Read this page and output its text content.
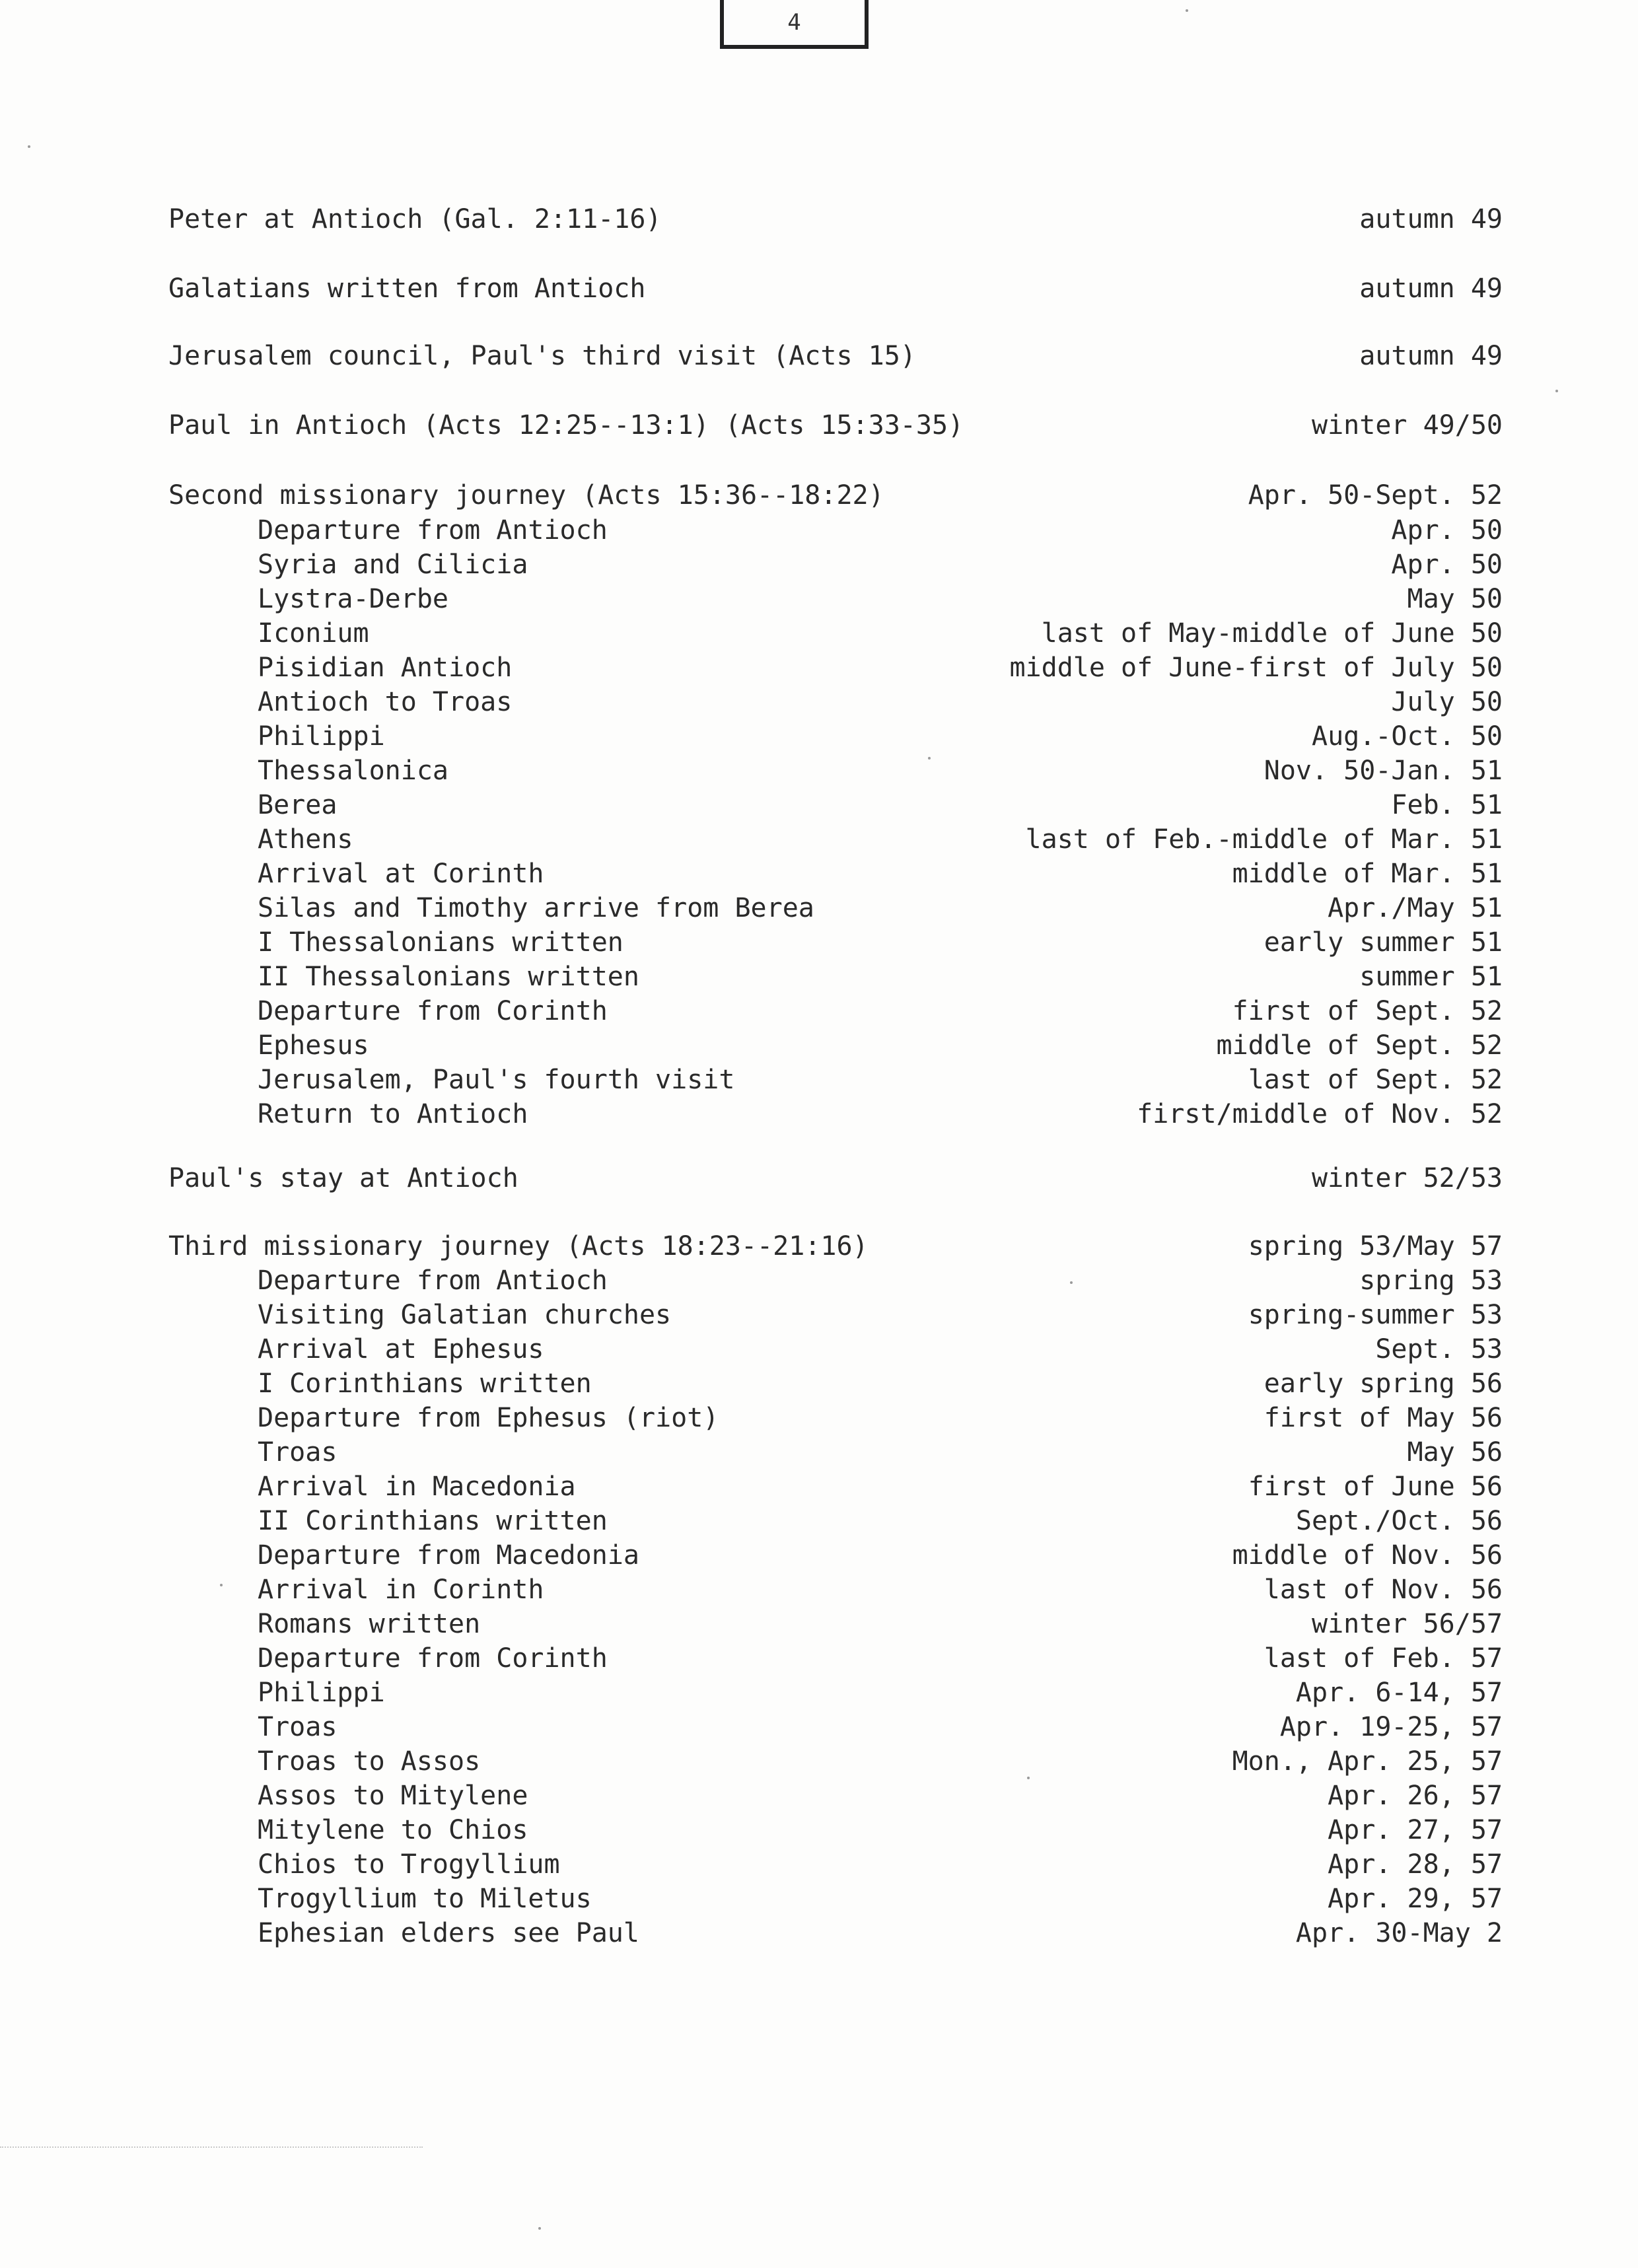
4
Peter at Antioch (Gal. 2:11-16)	autumn 49
Galatians written from Antioch	autumn 49
Jerusalem council, Paul's third visit (Acts 15)	autumn 49
Paul in Antioch (Acts 12:25--13:1) (Acts 15:33-35)	winter 49/50
Second missionary journey (Acts 15:36--18:22)	Apr. 50-Sept. 52
Departure from Antioch	Apr. 50
Syria and Cilicia	Apr. 50
Lystra-Derbe	May 50
Iconium	last of May-middle of June 50
Pisidian Antioch	middle of June-first of July 50
Antioch to Troas	July 50
Philippi	Aug.-Oct. 50
Thessalonica	Nov. 50-Jan. 51
Berea	Feb. 51
Athens	last of Feb.-middle of Mar. 51
Arrival at Corinth	middle of Mar. 51
Silas and Timothy arrive from Berea	Apr./May 51
I Thessalonians written	early summer 51
II Thessalonians written	summer 51
Departure from Corinth	first of Sept. 52
Ephesus	middle of Sept. 52
Jerusalem, Paul's fourth visit	last of Sept. 52
Return to Antioch	first/middle of Nov. 52
Paul's stay at Antioch	winter 52/53
Third missionary journey (Acts 18:23--21:16)	spring 53/May 57
Departure from Antioch	spring 53
Visiting Galatian churches	spring-summer 53
Arrival at Ephesus	Sept. 53
I Corinthians written	early spring 56
Departure from Ephesus (riot)	first of May 56
Troas	May 56
Arrival in Macedonia	first of June 56
II Corinthians written	Sept./Oct. 56
Departure from Macedonia	middle of Nov. 56
Arrival in Corinth	last of Nov. 56
Romans written	winter 56/57
Departure from Corinth	last of Feb. 57
Philippi	Apr. 6-14, 57
Troas	Apr. 19-25, 57
Troas to Assos	Mon., Apr. 25, 57
Assos to Mitylene	Apr. 26, 57
Mitylene to Chios	Apr. 27, 57
Chios to Trogyllium	Apr. 28, 57
Trogyllium to Miletus	Apr. 29, 57
Ephesian elders see Paul	Apr. 30-May 2
